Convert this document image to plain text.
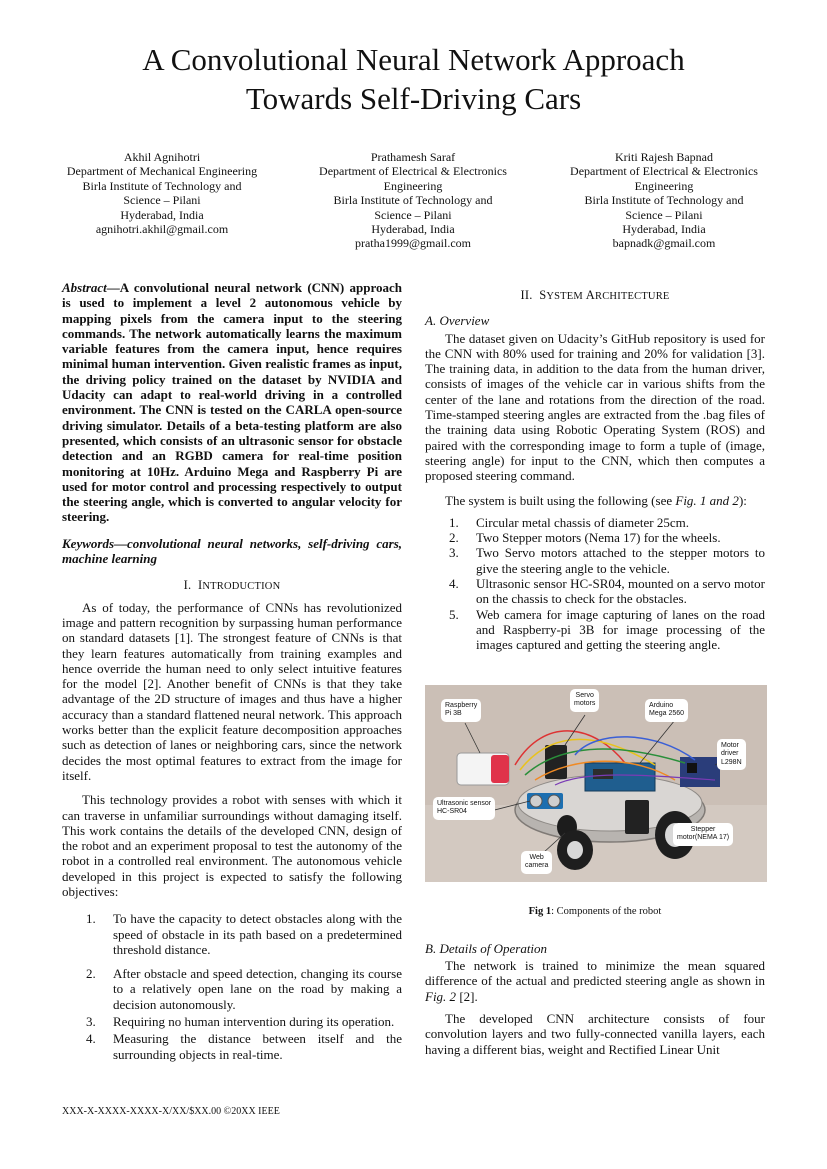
A Convolutional Neural Network Approach
Towards Self-Driving Cars
Akhil Agnihotri
Department of Mechanical Engineering
Birla Institute of Technology and
Science – Pilani
Hyderabad, India
agnihotri.akhil@gmail.com
Prathamesh Saraf
Department of Electrical & Electronics
Engineering
Birla Institute of Technology and
Science – Pilani
Hyderabad, India
pratha1999@gmail.com
Kriti Rajesh Bapnad
Department of Electrical & Electronics
Engineering
Birla Institute of Technology and
Science – Pilani
Hyderabad, India
bapnadk@gmail.com

Abstract—A convolutional neural network (CNN) approach is used to implement a level 2 autonomous vehicle by mapping pixels from the camera input to the steering commands. The network automatically learns the maximum variable features from the camera input, hence requires minimal human intervention. Given realistic frames as input, the driving policy trained on the dataset by NVIDIA and Udacity can adapt to real-world driving in a controlled environment. The CNN is tested on the CARLA open-source driving simulator. Details of a beta-testing platform are also presented, which consists of an ultrasonic sensor for obstacle detection and an RGBD camera for real-time position monitoring at 10Hz. Arduino Mega and Raspberry Pi are used for motor control and processing respectively to output the steering angle, which is converted to angular velocity for steering.

Keywords—convolutional neural networks, self-driving cars, machine learning

I. INTRODUCTION

As of today, the performance of CNNs has revolutionized image and pattern recognition by surpassing human performance on standard datasets [1]. The strongest feature of CNNs is that they learn features automatically from training examples and hence override the human need to only select intuitive features for the model [2]. Another benefit of CNNs is that they take advantage of the 2D structure of images and thus have a higher accuracy than a standard flattened neural network. This approach works better than the explicit feature decomposition approaches such as detection of lanes or neighboring cars, since the network decides the most optimal features to extract from the image for itself.

This technology provides a robot with senses with which it can traverse in unfamiliar surroundings without damaging itself. This work contains the details of the developed CNN, design of the robot and an experiment proposal to test the autonomy of the robot in a controlled real environment. The autonomous vehicle developed in this project is expected to satisfy the following objectives:

1. To have the capacity to detect obstacles along with the speed of obstacle in its path based on a predetermined threshold distance.
2. After obstacle and speed detection, changing its course to a relatively open lane on the road by making a decision autonomously.
3. Requiring no human intervention during its operation.
4. Measuring the distance between itself and the surrounding objects in real-time.
II. SYSTEM ARCHITECTURE
A. Overview

The dataset given on Udacity’s GitHub repository is used for the CNN with 80% used for training and 20% for validation [3]. The training data, in addition to the data from the human driver, consists of images of the vehicle car in various shifts from the center of the lane and rotations from the direction of the road. Time-stamped steering angles are extracted from the .bag files of the training data using Robotic Operating System (ROS) and paired with the corresponding image to form a tuple of (image, steering angle) for input to the CNN, which then computes a proposed steering command.

The system is built using the following (see Fig. 1 and 2):

1. Circular metal chassis of diameter 25cm.
2. Two Stepper motors (Nema 17) for the wheels.
3. Two Servo motors attached to the stepper motors to give the steering angle to the vehicle.
4. Ultrasonic sensor HC-SR04, mounted on a servo motor on the chassis to check for the obstacles.
5. Web camera for image capturing of lanes on the road and Raspberry-pi 3B for image processing of the images captured and getting the steering angle.
Raspberry
Pi 3B
Servo
motors	Arduino
Mega 2560
Motor
driver
L298N
Ultrasonic sensor
HC-SR04
Stepper
motor(NEMA 17)
Web
camera
Fig 1: Components of the robot
B. Details of Operation

The network is trained to minimize the mean squared difference of the actual and predicted steering angle as shown in Fig. 2 [2].

The developed CNN architecture consists of four convolution layers and two fully-connected vanilla layers, each having a different bias, weight and Rectified Linear Unit

XXX-X-XXXX-XXXX-X/XX/$XX.00 ©20XX IEEE
